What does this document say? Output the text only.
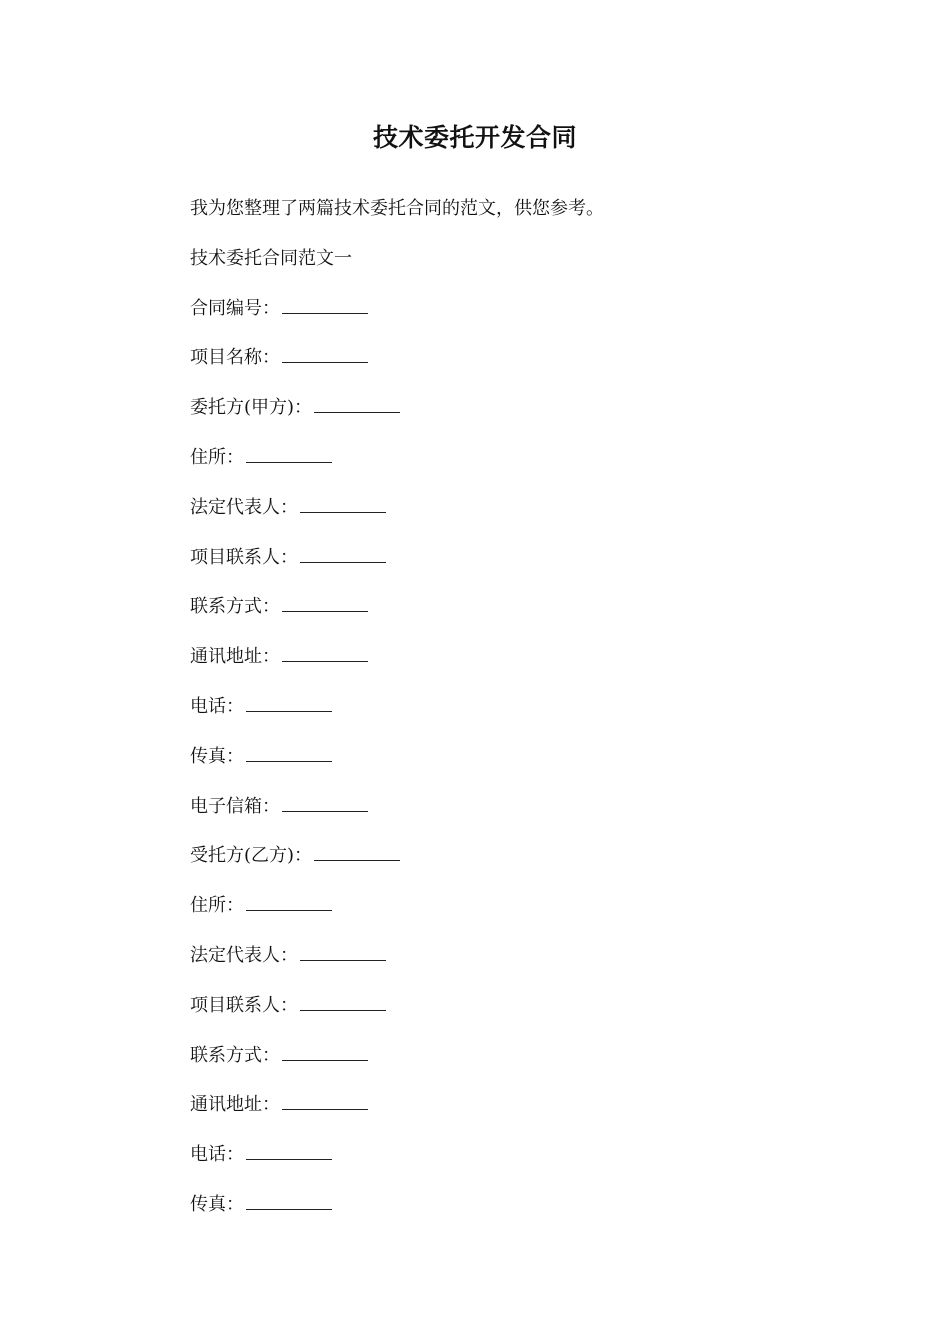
技术委托开发合同
我为您整理了两篇技术委托合同的范文，供您参考。
技术委托合同范文一
合同编号：
项目名称：
委托方(甲方)：
住所：
法定代表人：
项目联系人：
联系方式：
通讯地址：
电话：
传真：
电子信箱：
受托方(乙方)：
住所：
法定代表人：
项目联系人：
联系方式：
通讯地址：
电话：
传真：
